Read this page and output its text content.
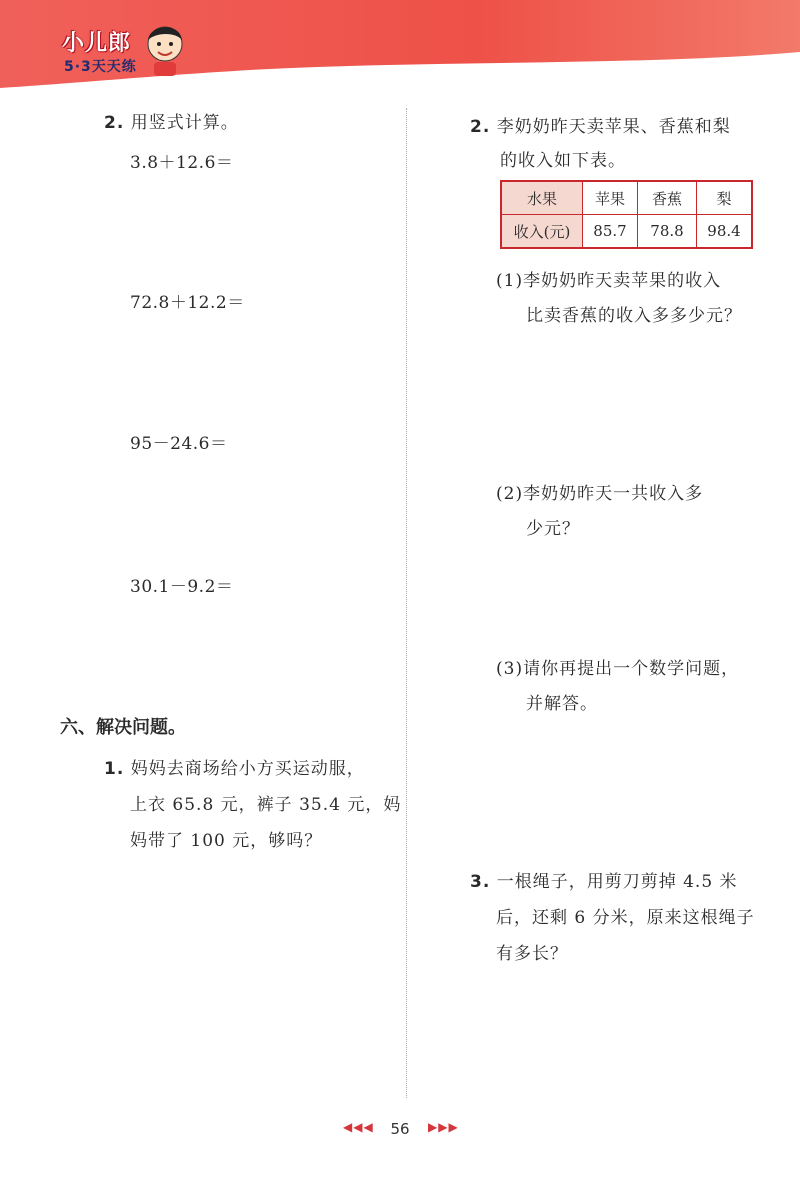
小儿郎
5·3天天练
2. 用竖式计算。
3.8＋12.6＝
72.8＋12.2＝
95－24.6＝
30.1－9.2＝
六、解决问题。
1. 妈妈去商场给小方买运动服，
上衣 65.8 元，裤子 35.4 元，妈
妈带了 100 元，够吗？
2. 李奶奶昨天卖苹果、香蕉和梨
的收入如下表。
水果	苹果	香蕉	梨
收入(元)	85.7	78.8	98.4
(1)李奶奶昨天卖苹果的收入
比卖香蕉的收入多多少元？
(2)李奶奶昨天一共收入多
少元？
(3)请你再提出一个数学问题，
并解答。
3. 一根绳子，用剪刀剪掉 4.5 米
后，还剩 6 分米，原来这根绳子
有多长？
◀◀◀	56	▶▶▶
